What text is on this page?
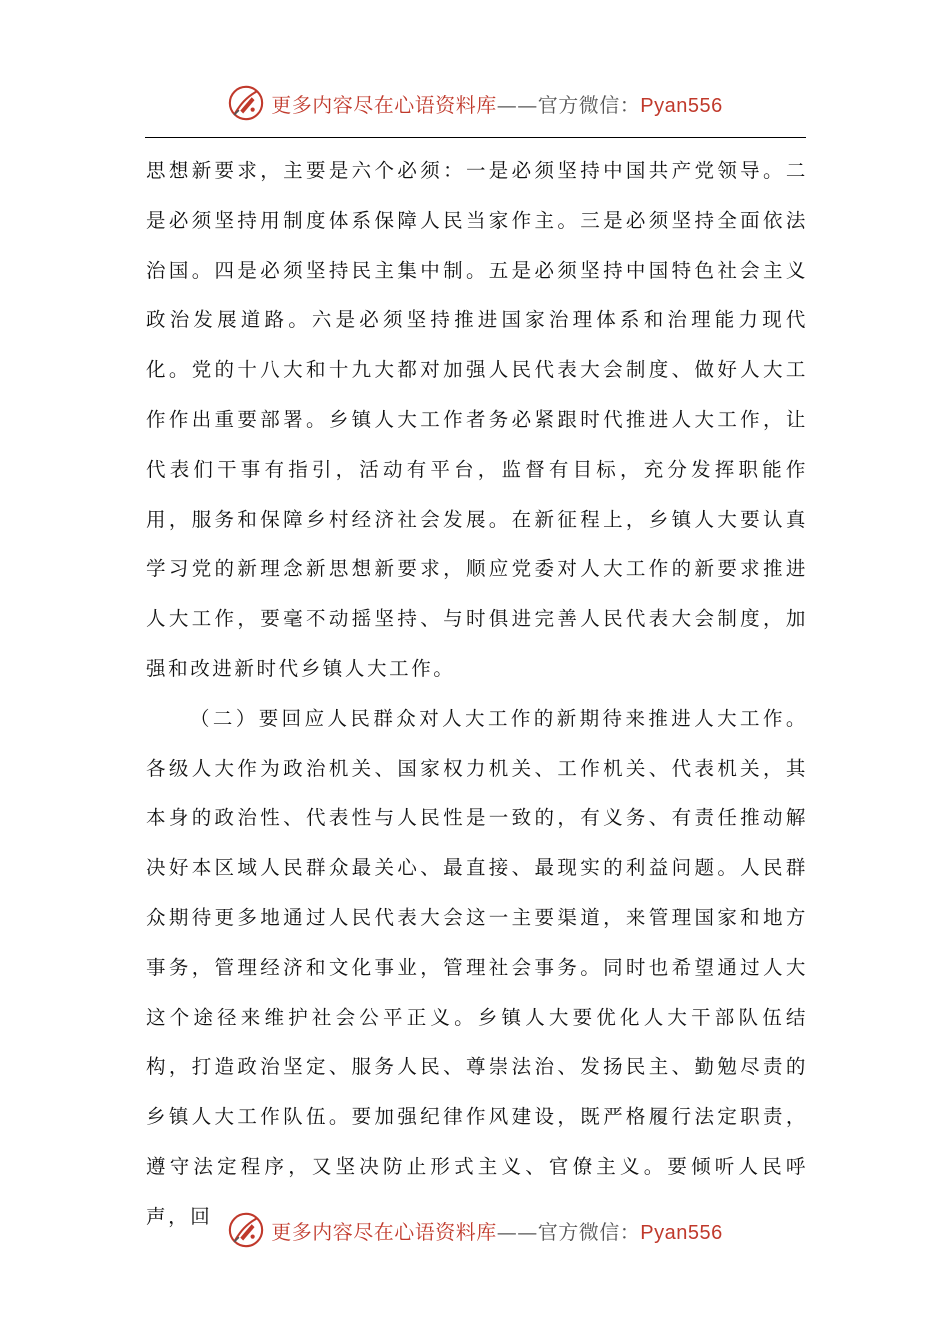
更多内容尽在心语资料库——官方微信：Pyan556

思想新要求，主要是六个必须：一是必须坚持中国共产党领导。二是必须坚持用制度体系保障人民当家作主。三是必须坚持全面依法治国。四是必须坚持民主集中制。五是必须坚持中国特色社会主义政治发展道路。六是必须坚持推进国家治理体系和治理能力现代化。党的十八大和十九大都对加强人民代表大会制度、做好人大工作作出重要部署。乡镇人大工作者务必紧跟时代推进人大工作，让代表们干事有指引，活动有平台，监督有目标，充分发挥职能作用，服务和保障乡村经济社会发展。在新征程上，乡镇人大要认真学习党的新理念新思想新要求，顺应党委对人大工作的新要求推进人大工作，要毫不动摇坚持、与时俱进完善人民代表大会制度，加强和改进新时代乡镇人大工作。

（二）要回应人民群众对人大工作的新期待来推进人大工作。各级人大作为政治机关、国家权力机关、工作机关、代表机关，其本身的政治性、代表性与人民性是一致的，有义务、有责任推动解决好本区域人民群众最关心、最直接、最现实的利益问题。人民群众期待更多地通过人民代表大会这一主要渠道，来管理国家和地方事务，管理经济和文化事业，管理社会事务。同时也希望通过人大这个途径来维护社会公平正义。乡镇人大要优化人大干部队伍结构，打造政治坚定、服务人民、尊崇法治、发扬民主、勤勉尽责的乡镇人大工作队伍。要加强纪律作风建设，既严格履行法定职责，遵守法定程序，又坚决防止形式主义、官僚主义。要倾听人民呼声，回

更多内容尽在心语资料库——官方微信：Pyan556
